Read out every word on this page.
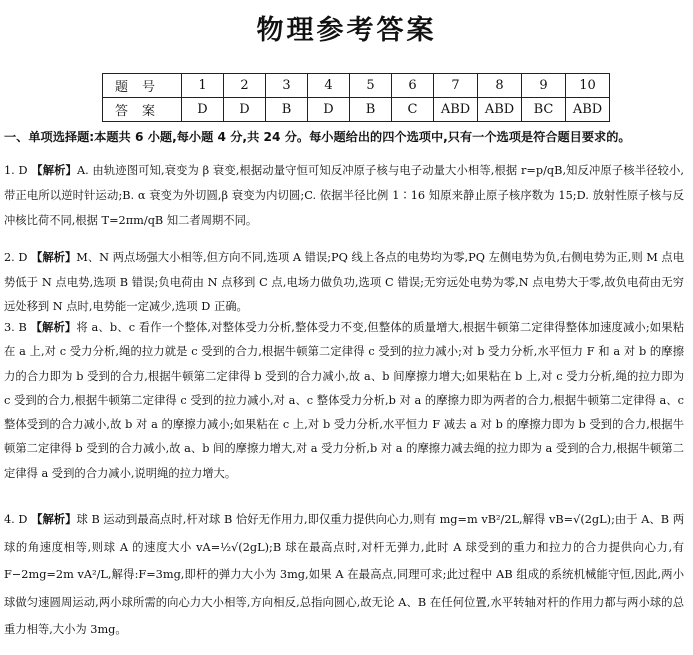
物理参考答案
题号	1	2	3	4	5	6	7	8	9	10
答案	D	D	B	D	B	C	ABD	ABD	BC	ABD
一、单项选择题:本题共 6 小题,每小题 4 分,共 24 分。每小题给出的四个选项中,只有一个选项是符合题目要求的。

1. D 【解析】A. 由轨迹图可知,衰变为 β 衰变,根据动量守恒可知反冲原子核与电子动量大小相等,根据 r=p/qB,知反冲原子核半径较小,带正电所以逆时针运动;B. α 衰变为外切圆,β 衰变为内切圆;C. 依据半径比例 1∶16 知原来静止原子核序数为 15;D. 放射性原子核与反冲核比荷不同,根据 T=2πm/qB 知二者周期不同。

2. D 【解析】M、N 两点场强大小相等,但方向不同,选项 A 错误;PQ 线上各点的电势均为零,PQ 左侧电势为负,右侧电势为正,则 M 点电势低于 N 点电势,选项 B 错误;负电荷由 N 点移到 C 点,电场力做负功,选项 C 错误;无穷远处电势为零,N 点电势大于零,故负电荷由无穷远处移到 N 点时,电势能一定减少,选项 D 正确。

3. B 【解析】将 a、b、c 看作一个整体,对整体受力分析,整体受力不变,但整体的质量增大,根据牛顿第二定律得整体加速度减小;如果粘在 a 上,对 c 受力分析,绳的拉力就是 c 受到的合力,根据牛顿第二定律得 c 受到的拉力减小;对 b 受力分析,水平恒力 F 和 a 对 b 的摩擦力的合力即为 b 受到的合力,根据牛顿第二定律得 b 受到的合力减小,故 a、b 间摩擦力增大;如果粘在 b 上,对 c 受力分析,绳的拉力即为 c 受到的合力,根据牛顿第二定律得 c 受到的拉力减小,对 a、c 整体受力分析,b 对 a 的摩擦力即为两者的合力,根据牛顿第二定律得 a、c 整体受到的合力减小,故 b 对 a 的摩擦力减小;如果粘在 c 上,对 b 受力分析,水平恒力 F 减去 a 对 b 的摩擦力即为 b 受到的合力,根据牛顿第二定律得 b 受到的合力减小,故 a、b 间的摩擦力增大,对 a 受力分析,b 对 a 的摩擦力减去绳的拉力即为 a 受到的合力,根据牛顿第二定律得 a 受到的合力减小,说明绳的拉力增大。

4. D 【解析】球 B 运动到最高点时,杆对球 B 恰好无作用力,即仅重力提供向心力,则有 mg=m vB²/2L,解得 vB=√(2gL);由于 A、B 两球的角速度相等,则球 A 的速度大小 vA=½√(2gL);B 球在最高点时,对杆无弹力,此时 A 球受到的重力和拉力的合力提供向心力,有 F−2mg=2m vA²/L,解得:F=3mg,即杆的弹力大小为 3mg,如果 A 在最高点,同理可求;此过程中 AB 组成的系统机械能守恒,因此,两小球做匀速圆周运动,两小球所需的向心力大小相等,方向相反,总指向圆心,故无论 A、B 在任何位置,水平转轴对杆的作用力都与两小球的总重力相等,大小为 3mg。
